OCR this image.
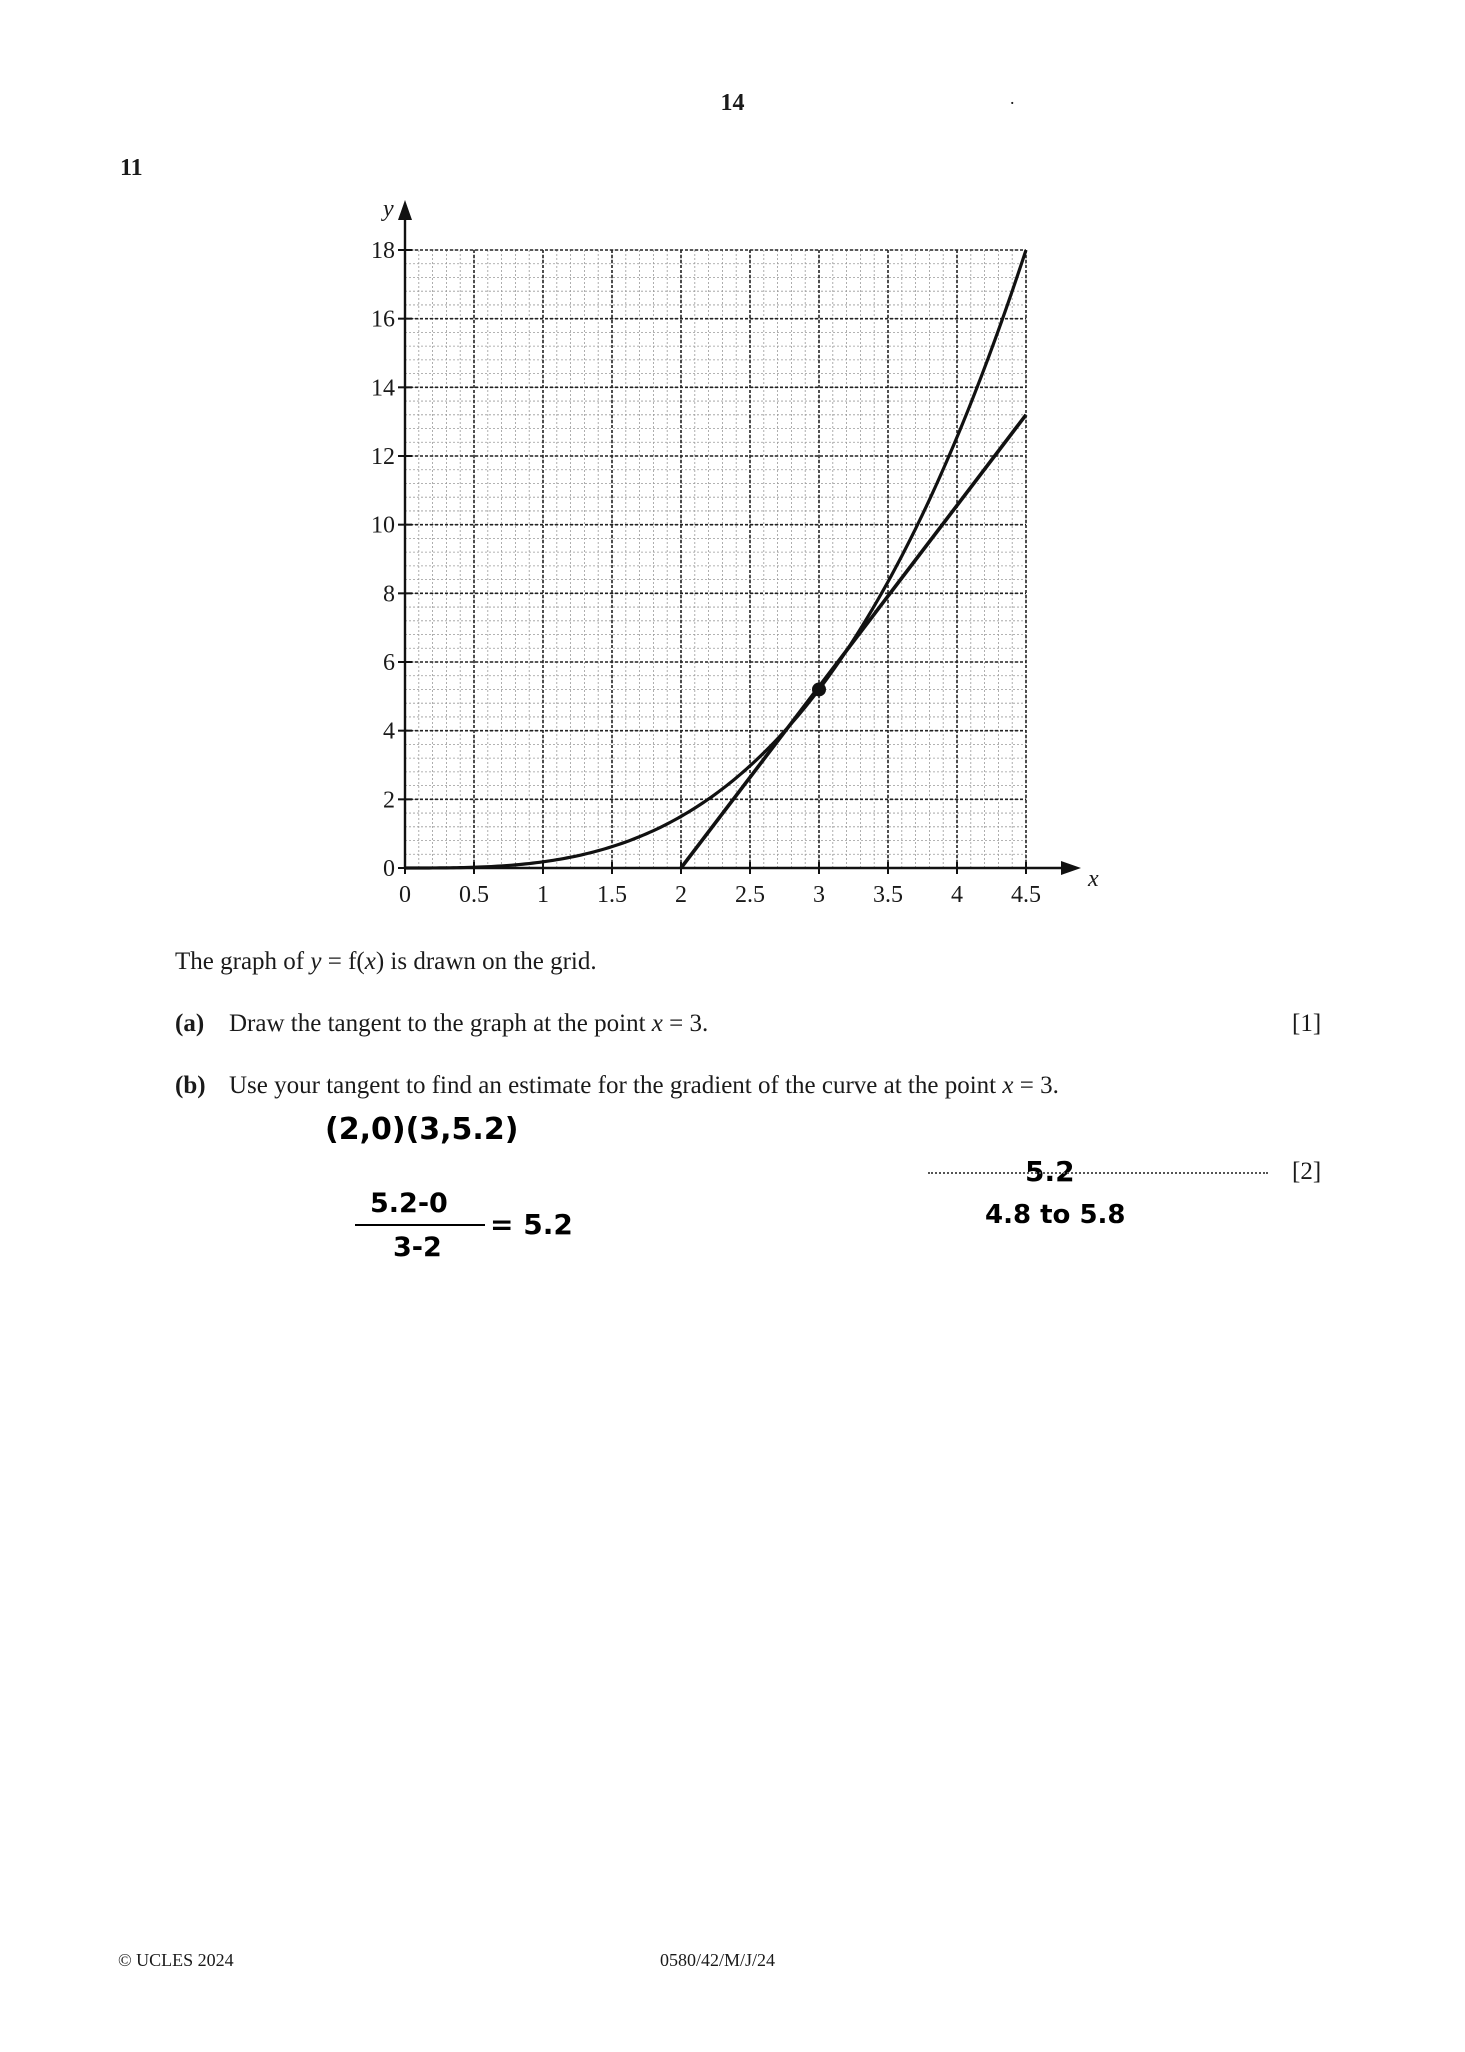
14	.
11
0 0.5 1 1.5 2 2.5 3 3.5 4 4.5
0
2
4
6
8
10
12
14
16
18
x
y
The graph of y = f(x) is drawn on the grid.
(a) Draw the tangent to the graph at the point x = 3.	[1]
(b) Use your tangent to find an estimate for the gradient of the curve at the point x = 3.
(2,0)(3,5.2)
5.2-0
3-2
= 5.2
5.2	[2]
4.8 to 5.8
© UCLES 2024	0580/42/M/J/24
